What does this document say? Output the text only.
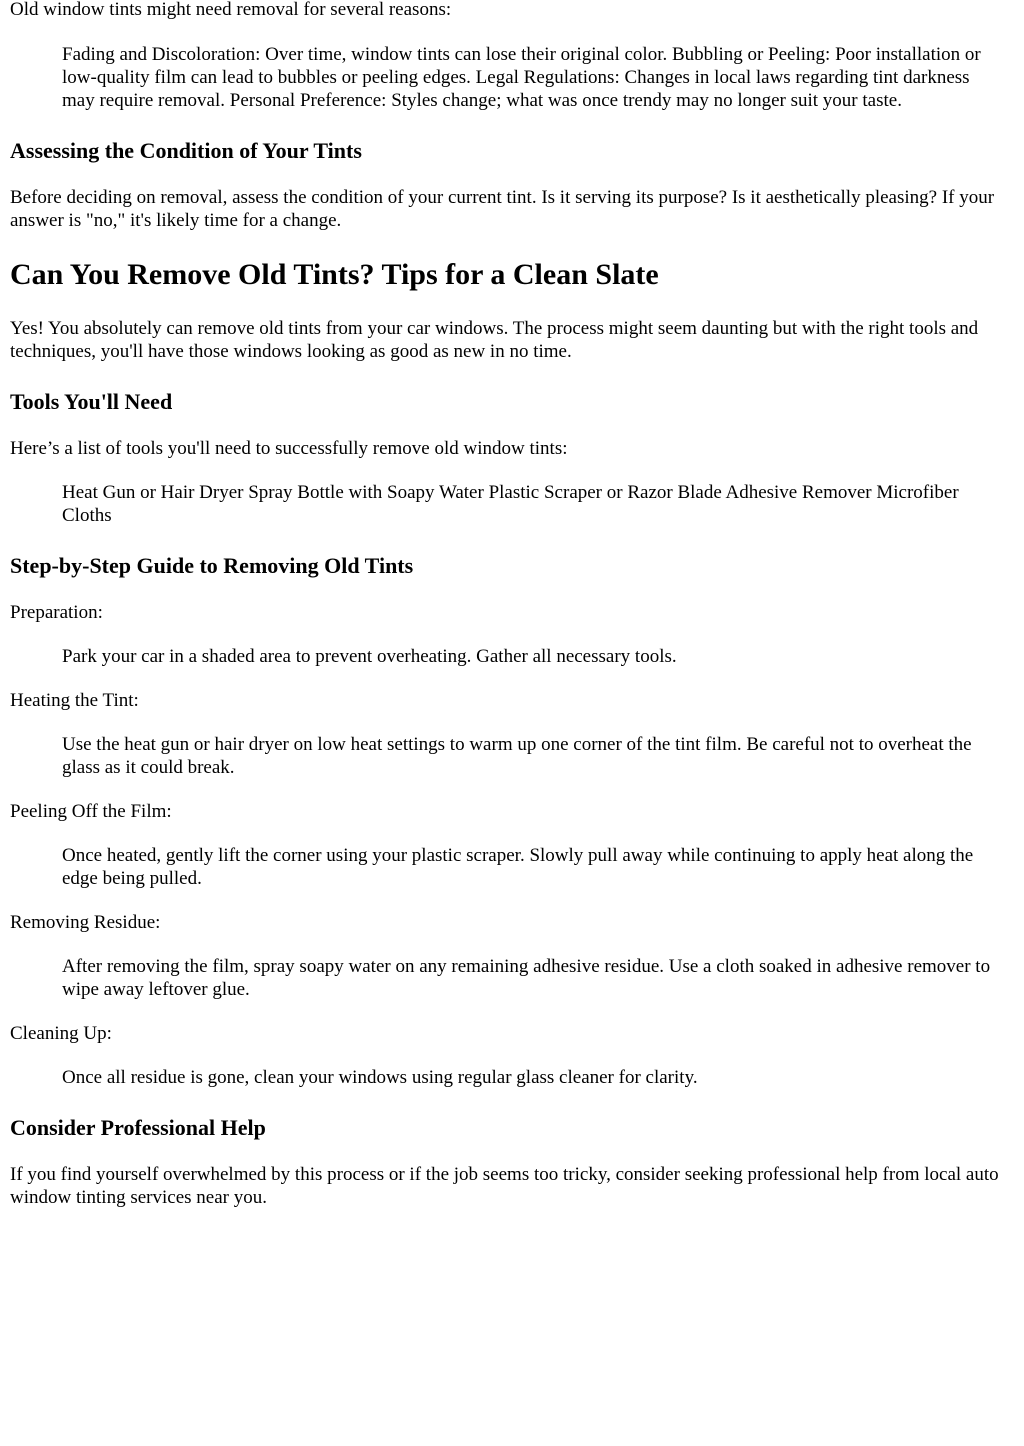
Old window tints might need removal for several reasons:

Fading and Discoloration: Over time, window tints can lose their original color. Bubbling or Peeling: Poor installation or low-quality film can lead to bubbles or peeling edges. Legal Regulations: Changes in local laws regarding tint darkness may require removal. Personal Preference: Styles change; what was once trendy may no longer suit your taste.

Assessing the Condition of Your Tints

Before deciding on removal, assess the condition of your current tint. Is it serving its purpose? Is it aesthetically pleasing? If your answer is "no," it's likely time for a change.

Can You Remove Old Tints? Tips for a Clean Slate

Yes! You absolutely can remove old tints from your car windows. The process might seem daunting but with the right tools and techniques, you'll have those windows looking as good as new in no time.

Tools You'll Need

Here’s a list of tools you'll need to successfully remove old window tints:

Heat Gun or Hair Dryer Spray Bottle with Soapy Water Plastic Scraper or Razor Blade Adhesive Remover Microfiber Cloths

Step-by-Step Guide to Removing Old Tints

Preparation:

Park your car in a shaded area to prevent overheating. Gather all necessary tools.

Heating the Tint:

Use the heat gun or hair dryer on low heat settings to warm up one corner of the tint film. Be careful not to overheat the glass as it could break.

Peeling Off the Film:

Once heated, gently lift the corner using your plastic scraper. Slowly pull away while continuing to apply heat along the edge being pulled.

Removing Residue:

After removing the film, spray soapy water on any remaining adhesive residue. Use a cloth soaked in adhesive remover to wipe away leftover glue.

Cleaning Up:

Once all residue is gone, clean your windows using regular glass cleaner for clarity.

Consider Professional Help

If you find yourself overwhelmed by this process or if the job seems too tricky, consider seeking professional help from local auto window tinting services near you.
